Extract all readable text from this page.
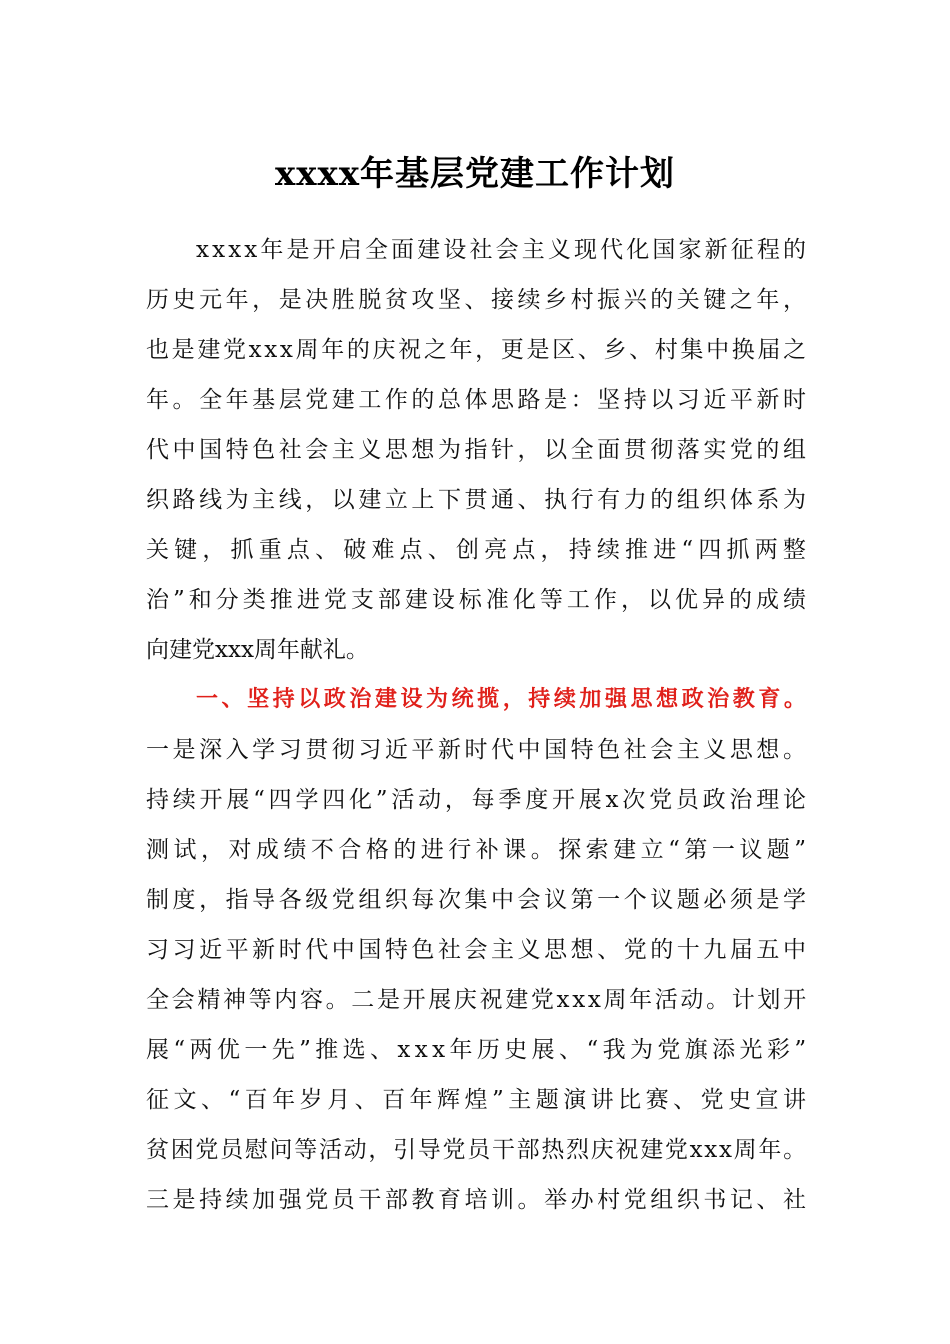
xxxx年基层党建工作计划
xxxx年是开启全面建设社会主义现代化国家新征程的
历史元年，是决胜脱贫攻坚、接续乡村振兴的关键之年，
也是建党xxx周年的庆祝之年，更是区、乡、村集中换届之
年。全年基层党建工作的总体思路是：坚持以习近平新时
代中国特色社会主义思想为指针，以全面贯彻落实党的组
织路线为主线，以建立上下贯通、执行有力的组织体系为
关键，抓重点、破难点、创亮点，持续推进“四抓两整
治”和分类推进党支部建设标准化等工作，以优异的成绩
向建党xxx周年献礼。
一、坚持以政治建设为统揽，持续加强思想政治教育。
一是深入学习贯彻习近平新时代中国特色社会主义思想。
持续开展“四学四化”活动，每季度开展x次党员政治理论
测试，对成绩不合格的进行补课。探索建立“第一议题”
制度，指导各级党组织每次集中会议第一个议题必须是学
习习近平新时代中国特色社会主义思想、党的十九届五中
全会精神等内容。二是开展庆祝建党xxx周年活动。计划开
展“两优一先”推选、xxx年历史展、“我为党旗添光彩”
征文、“百年岁月、百年辉煌”主题演讲比赛、党史宣讲
贫困党员慰问等活动，引导党员干部热烈庆祝建党xxx周年。
三是持续加强党员干部教育培训。举办村党组织书记、社
